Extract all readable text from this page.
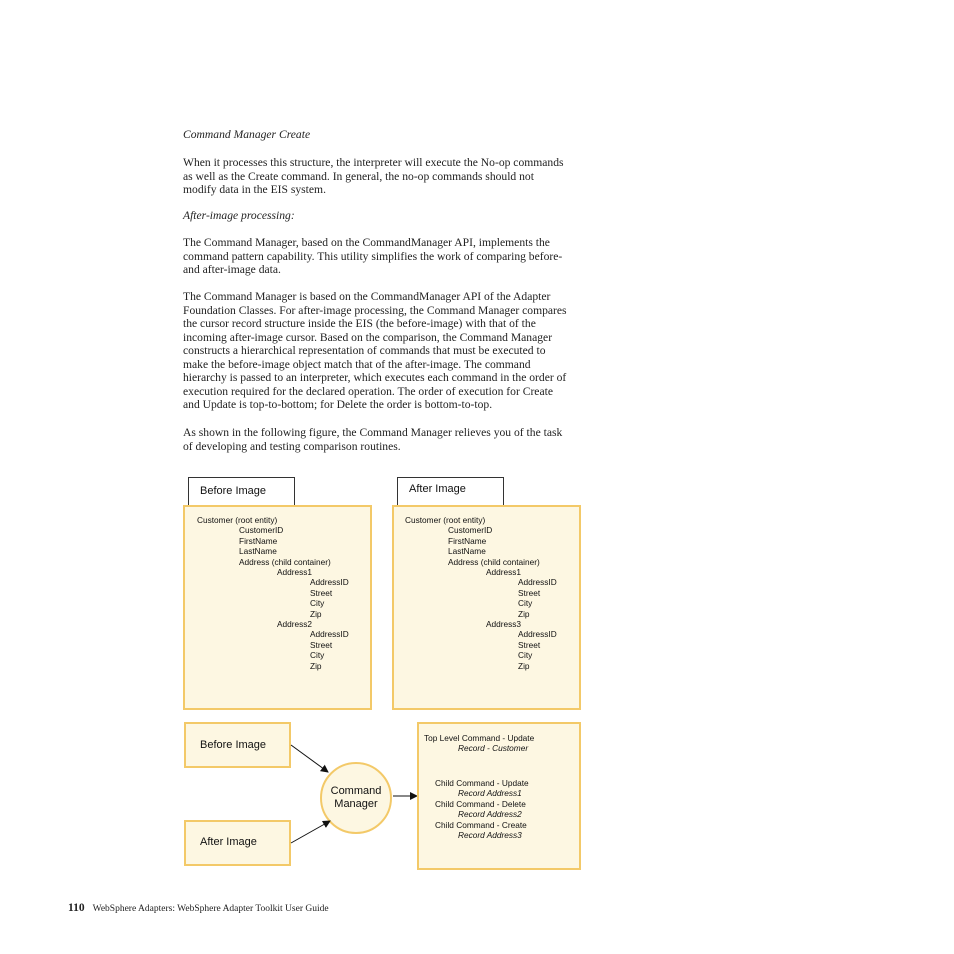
Command Manager Create
When it processes this structure, the interpreter will execute the No-op commands
as well as the Create command. In general, the no-op commands should not
modify data in the EIS system.
After-image processing:
The Command Manager, based on the CommandManager API, implements the
command pattern capability. This utility simplifies the work of comparing before-
and after-image data.
The Command Manager is based on the CommandManager API of the Adapter
Foundation Classes. For after-image processing, the Command Manager compares
the cursor record structure inside the EIS (the before-image) with that of the
incoming after-image cursor. Based on the comparison, the Command Manager
constructs a hierarchical representation of commands that must be executed to
make the before-image object match that of the after-image. The command
hierarchy is passed to an interpreter, which executes each command in the order of
execution required for the declared operation. The order of execution for Create
and Update is top-to-bottom; for Delete the order is bottom-to-top.
As shown in the following figure, the Command Manager relieves you of the task
of developing and testing comparison routines.
Before Image	After Image
Customer (root entity)
CustomerID
FirstName
LastName
Address (child container)
Address1
AddressID
Street
City
Zip
Address2
AddressID
Street
City
Zip
Customer (root entity)
CustomerID
FirstName
LastName
Address (child container)
Address1
AddressID
Street
City
Zip
Address3
AddressID
Street
City
Zip
Before Image
After Image
Command
Manager
Top Level Command - Update
Record - Customer
Child Command - Update
Record Address1
Child Command - Delete
Record Address2
Child Command - Create
Record Address3
110 WebSphere Adapters: WebSphere Adapter Toolkit User Guide
